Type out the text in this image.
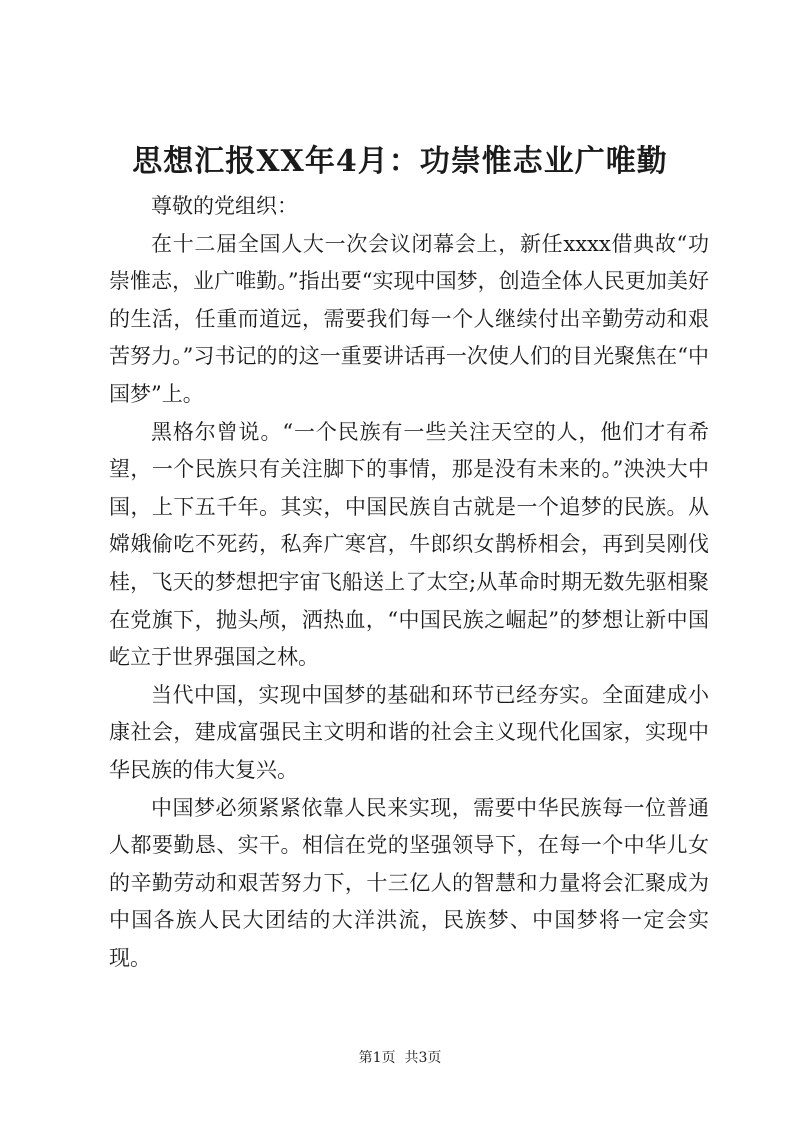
思想汇报XX年4月：功崇惟志业广唯勤

尊敬的党组织：

在十二届全国人大一次会议闭幕会上，新任xxxx借典故“功崇惟志，业广唯勤。”指出要“实现中国梦，创造全体人民更加美好的生活，任重而道远，需要我们每一个人继续付出辛勤劳动和艰苦努力。”习书记的的这一重要讲话再一次使人们的目光聚焦在“中国梦”上。

黑格尔曾说。“一个民族有一些关注天空的人，他们才有希望，一个民族只有关注脚下的事情，那是没有未来的。”泱泱大中国，上下五千年。其实，中国民族自古就是一个追梦的民族。从嫦娥偷吃不死药，私奔广寒宫，牛郎织女鹊桥相会，再到吴刚伐桂，飞天的梦想把宇宙飞船送上了太空;从革命时期无数先驱相聚在党旗下，抛头颅，洒热血，“中国民族之崛起”的梦想让新中国屹立于世界强国之林。

当代中国，实现中国梦的基础和环节已经夯实。全面建成小康社会，建成富强民主文明和谐的社会主义现代化国家，实现中华民族的伟大复兴。

中国梦必须紧紧依靠人民来实现，需要中华民族每一位普通人都要勤恳、实干。相信在党的坚强领导下，在每一个中华儿女的辛勤劳动和艰苦努力下，十三亿人的智慧和力量将会汇聚成为中国各族人民大团结的大洋洪流，民族梦、中国梦将一定会实现。

第1页 共3页
